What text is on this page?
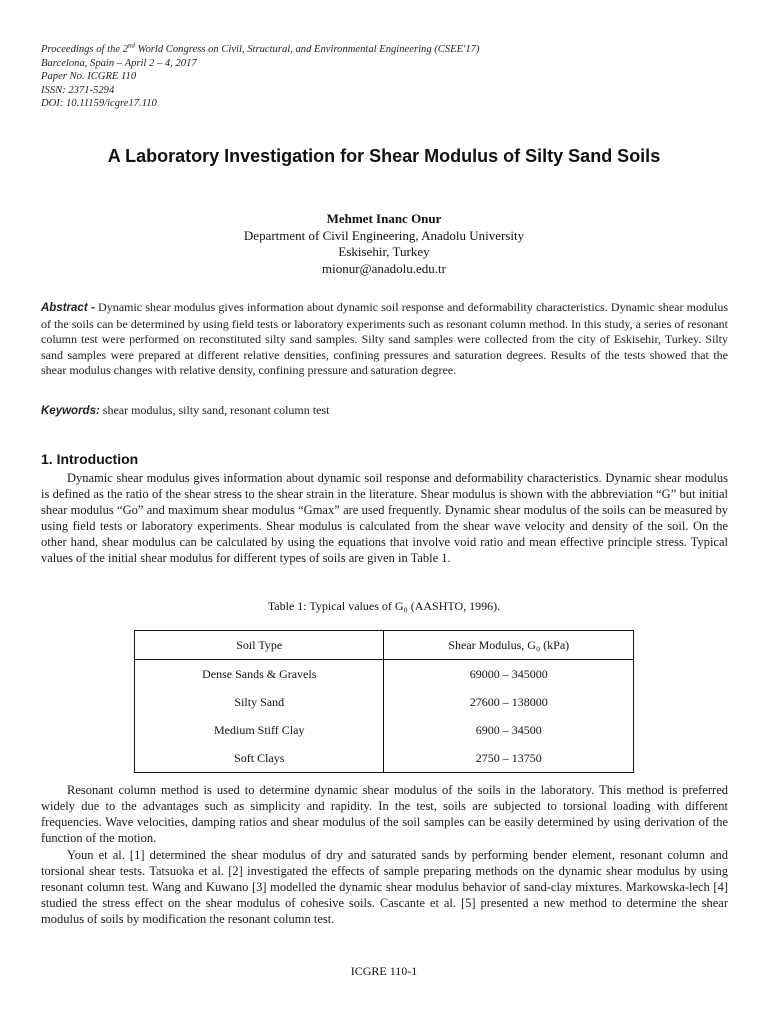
Proceedings of the 2nd World Congress on Civil, Structural, and Environmental Engineering (CSEE'17)
Barcelona, Spain – April 2 – 4, 2017
Paper No. ICGRE 110
ISSN: 2371-5294
DOI: 10.11159/icgre17.110
A Laboratory Investigation for Shear Modulus of Silty Sand Soils
Mehmet Inanc Onur
Department of Civil Engineering, Anadolu University
Eskisehir, Turkey
mionur@anadolu.edu.tr
Abstract - Dynamic shear modulus gives information about dynamic soil response and deformability characteristics. Dynamic shear modulus of the soils can be determined by using field tests or laboratory experiments such as resonant column method. In this study, a series of resonant column test were performed on reconstituted silty sand samples. Silty sand samples were collected from the city of Eskisehir, Turkey. Silty sand samples were prepared at different relative densities, confining pressures and saturation degrees. Results of the tests showed that the shear modulus changes with relative density, confining pressure and saturation degree.
Keywords: shear modulus, silty sand, resonant column test
1. Introduction
Dynamic shear modulus gives information about dynamic soil response and deformability characteristics. Dynamic shear modulus is defined as the ratio of the shear stress to the shear strain in the literature. Shear modulus is shown with the abbreviation “G” but initial shear modulus “Go” and maximum shear modulus “Gmax” are used frequently. Dynamic shear modulus of the soils can be measured by using field tests or laboratory experiments. Shear modulus is calculated from the shear wave velocity and density of the soil. On the other hand, shear modulus can be calculated by using the equations that involve void ratio and mean effective principle stress. Typical values of the initial shear modulus for different types of soils are given in Table 1.
Table 1: Typical values of G₀ (AASHTO, 1996).
Soil Type	Shear Modulus, G₀ (kPa)
Dense Sands & Gravels	69000 – 345000
Silty Sand	27600 – 138000
Medium Stiff Clay	6900 – 34500
Soft Clays	2750 – 13750
Resonant column method is used to determine dynamic shear modulus of the soils in the laboratory. This method is preferred widely due to the advantages such as simplicity and rapidity. In the test, soils are subjected to torsional loading with different frequencies. Wave velocities, damping ratios and shear modulus of the soil samples can be easily determined by using derivation of the function of the motion.
Youn et al. [1] determined the shear modulus of dry and saturated sands by performing bender element, resonant column and torsional shear tests. Tatsuoka et al. [2] investigated the effects of sample preparing methods on the dynamic shear modulus by using resonant column test. Wang and Kuwano [3] modelled the dynamic shear modulus behavior of sand-clay mixtures. Markowska-lech [4] studied the stress effect on the shear modulus of cohesive soils. Cascante et al. [5] presented a new method to determine the shear modulus of soils by modification the resonant column test.
ICGRE 110-1
